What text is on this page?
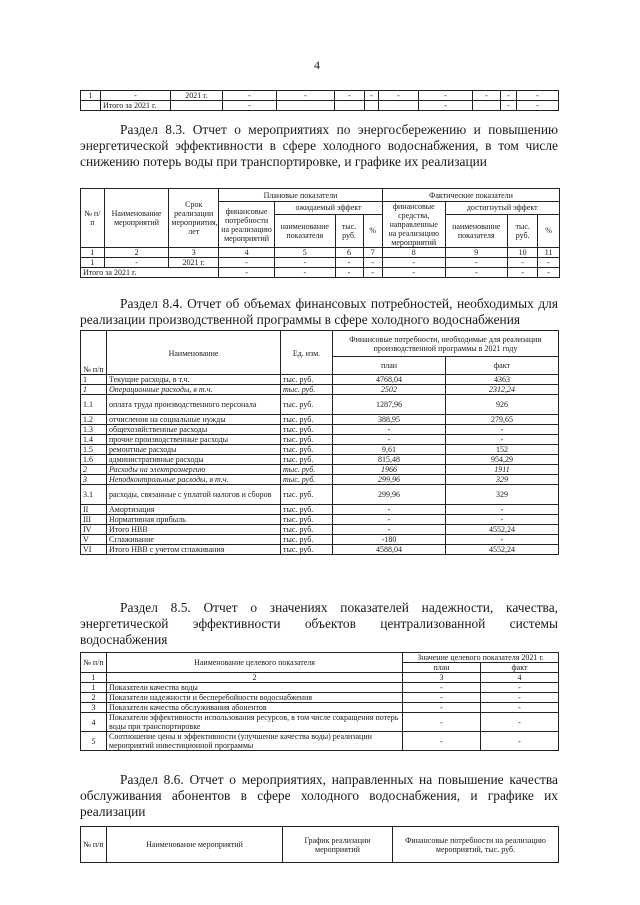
4
1	-	2021 г.	-	-	-	-	-	-	-	-	-
	Итого за 2021 г.		-					-		-	-
Раздел 8.3. Отчет о мероприятиях по энергосбережению и повышению
энергетической эффективности в сфере холодного водоснабжения, в том числе
снижению потерь воды при транспортировке, и графике их реализации
№ п/ п	Наименование мероприятий	Срок реализации мероприятия, лет	Плановые показатели				Фактические показатели			
			финансовые потребности на реализацию мероприятий	ожидаемый эффект			финансовые средства, направленные на реализацию мероприятий	достигнутый эффект		
				наименование показателя	тыс. руб.	%		наименование показателя	тыс. руб.	%
1	2	3	4	5	6	7	8	9	10	11
1	-	2021 г.	-	-	-	-	-	-	-	-
Итого за 2021 г.			-	-	-	-	-	-	-	-
Раздел 8.4. Отчет об объемах финансовых потребностей, необходимых для
реализации производственной программы в сфере холодного водоснабжения
№ п/п	Наименование	Ед. изм.	Финансовые потребности, необходимые для реализации производственной программы в 2021 году	
			план	факт
1	Текущие расходы, в т.ч.	тыс. руб.	4768,04	4363
1	Операционные расходы, в т.ч.	тыс. руб.	2502	2312,24
1.1	оплата труда производственного персонала	тыс. руб.	1287,96	926
1.2	отчисления на социальные нужды	тыс. руб.	388,95	279,65
1.3	общехозяйственные расходы	тыс. руб.	-	-
1.4	прочие производственные расходы	тыс. руб.	-	-
1.5	ремонтные расходы	тыс. руб.	9,61	152
1.6	административные расходы	тыс. руб.	815,48	954,29
2	Расходы на электроэнергию	тыс. руб.	1966	1911
3	Неподконтрольные расходы, в т.ч.	тыс. руб.	299,96	329
3.1	расходы, связанные с уплатой налогов и сборов	тыс. руб.	299,96	329
II	Амортизация	тыс. руб.	-	-
III	Нормативная прибыль	тыс. руб.	-	-
IV	Итого НВВ	тыс. руб.	-	4552,24
V	Сглаживание	тыс. руб.	-180	-
VI	Итого НВВ с учетом сглаживания	тыс. руб.	4588,04	4552,24
Раздел 8.5. Отчет о значениях показателей надежности, качества,
энергетической эффективности объектов централизованной системы
водоснабжения
№ п/п	Наименование целевого показателя	Значение целевого показателя 2021 г.	
		план	факт
1	2	3	4
1	Показатели качества воды	-	-
2	Показатели надежности и бесперебойности водоснабжения	-	-
3	Показатели качества обслуживания абонентов	-	-
4	Показатели эффективности использования ресурсов, в том числе сокращения потерь воды при транспортировке	-	-
5	Соотношение цены и эффективности (улучшение качества воды) реализации мероприятий инвестиционной программы	-	-
Раздел 8.6. Отчет о мероприятиях, направленных на повышение качества
обслуживания абонентов в сфере холодного водоснабжения, и графике их
реализации
№ п/п	Наименование мероприятий	График реализации мероприятий	Финансовые потребности на реализацию мероприятий, тыс. руб.
